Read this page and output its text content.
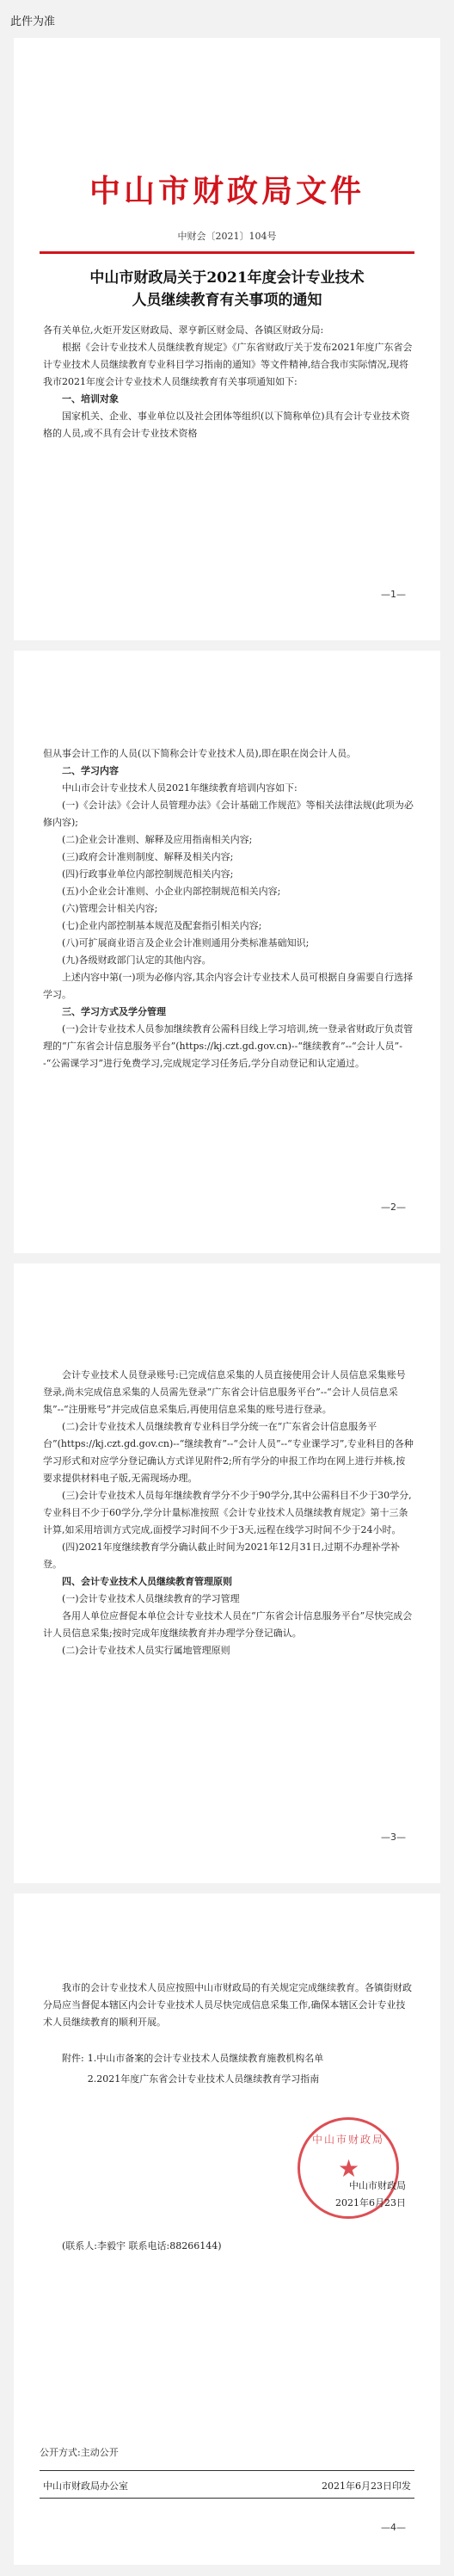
此件为准
中山市财政局文件
中财会〔2021〕104号
中山市财政局关于2021年度会计专业技术
人员继续教育有关事项的通知

各有关单位,火炬开发区财政局、翠亨新区财金局、各镇区财政分局:

根据《会计专业技术人员继续教育规定》《广东省财政厅关于发布2021年度广东省会计专业技术人员继续教育专业科目学习指南的通知》等文件精神,结合我市实际情况,现将我市2021年度会计专业技术人员继续教育有关事项通知如下:

一、培训对象

国家机关、企业、事业单位以及社会团体等组织(以下简称单位)具有会计专业技术资格的人员,或不具有会计专业技术资格

—1—

但从事会计工作的人员(以下简称会计专业技术人员),即在职在岗会计人员。

二、学习内容

中山市会计专业技术人员2021年继续教育培训内容如下:

(一)《会计法》《会计人员管理办法》《会计基础工作规范》等相关法律法规(此项为必修内容);

(二)企业会计准则、解释及应用指南相关内容;

(三)政府会计准则制度、解释及相关内容;

(四)行政事业单位内部控制规范相关内容;

(五)小企业会计准则、小企业内部控制规范相关内容;

(六)管理会计相关内容;

(七)企业内部控制基本规范及配套指引相关内容;

(八)可扩展商业语言及企业会计准则通用分类标准基础知识;

(九)各级财政部门认定的其他内容。

上述内容中第(一)项为必修内容,其余内容会计专业技术人员可根据自身需要自行选择学习。

三、学习方式及学分管理

(一)会计专业技术人员参加继续教育公需科目线上学习培训,统一登录省财政厅负责管理的“广东省会计信息服务平台”(https://kj.czt.gd.gov.cn)--“继续教育”--“会计人员”--“公需课学习”进行免费学习,完成规定学习任务后,学分自动登记和认定通过。

—2—

会计专业技术人员登录账号:已完成信息采集的人员直接使用会计人员信息采集账号登录,尚未完成信息采集的人员需先登录“广东省会计信息服务平台”--“会计人员信息采集”--“注册账号”并完成信息采集后,再使用信息采集的账号进行登录。

(二)会计专业技术人员继续教育专业科目学分统一在“广东省会计信息服务平台”(https://kj.czt.gd.gov.cn)--“继续教育”--“会计人员”--“专业课学习”,专业科目的各种学习形式和对应学分登记确认方式详见附件2;所有学分的申报工作均在网上进行并核,按要求提供材料电子版,无需现场办理。

(三)会计专业技术人员每年继续教育学分不少于90学分,其中公需科目不少于30学分,专业科目不少于60学分,学分计量标准按照《会计专业技术人员继续教育规定》第十三条计算,如采用培训方式完成,面授学习时间不少于3天,远程在线学习时间不少于24小时。

(四)2021年度继续教育学分确认截止时间为2021年12月31日,过期不办理补学补登。

四、会计专业技术人员继续教育管理原则

(一)会计专业技术人员继续教育的学习管理

各用人单位应督促本单位会计专业技术人员在“广东省会计信息服务平台”尽快完成会计人员信息采集;按时完成年度继续教育并办理学分登记确认。

(二)会计专业技术人员实行属地管理原则

—3—

我市的会计专业技术人员应按照中山市财政局的有关规定完成继续教育。各镇街财政分局应当督促本辖区内会计专业技术人员尽快完成信息采集工作,确保本辖区会计专业技术人员继续教育的顺利开展。

附件: 1.中山市备案的会计专业技术人员继续教育施教机构名单
2.2021年度广东省会计专业技术人员继续教育学习指南
中山市财政局
★
中山市财政局
2021年6月23日

(联系人:李毅宇 联系电话:88266144)

公开方式:主动公开

中山市财政局办公室	2021年6月23日印发
—4—
